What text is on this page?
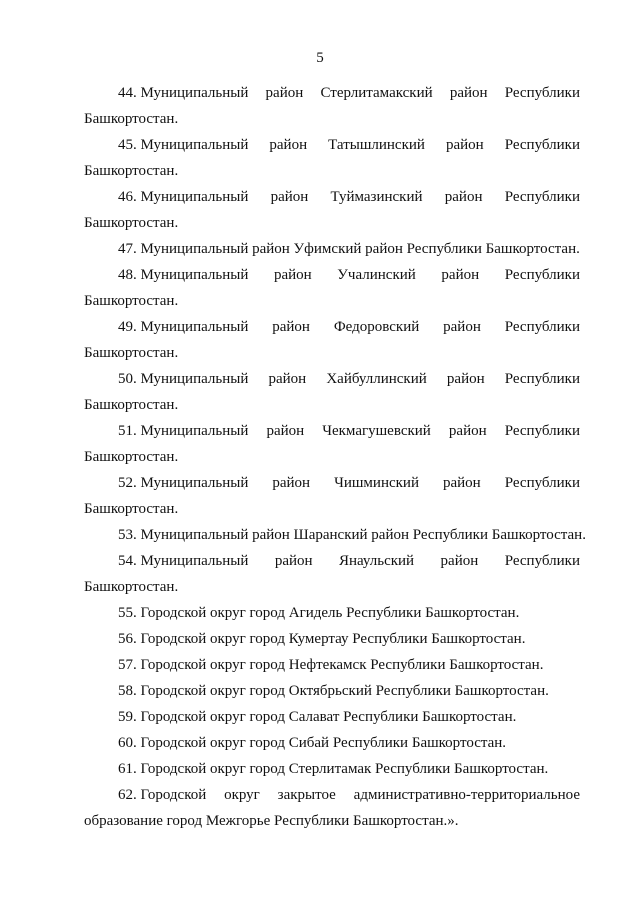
5
44. Муниципальный район Стерлитамакский район Республики
Башкортостан.
45. Муниципальный район Татышлинский район Республики
Башкортостан.
46. Муниципальный район Туймазинский район Республики
Башкортостан.
47. Муниципальный район Уфимский район Республики Башкортостан.
48. Муниципальный район Учалинский район Республики
Башкортостан.
49. Муниципальный район Федоровский район Республики
Башкортостан.
50. Муниципальный район Хайбуллинский район Республики
Башкортостан.
51. Муниципальный район Чекмагушевский район Республики
Башкортостан.
52. Муниципальный район Чишминский район Республики
Башкортостан.
53. Муниципальный район Шаранский район Республики Башкортостан.
54. Муниципальный район Янаульский район Республики
Башкортостан.
55. Городской округ город Агидель Республики Башкортостан.
56. Городской округ город Кумертау Республики Башкортостан.
57. Городской округ город Нефтекамск Республики Башкортостан.
58. Городской округ город Октябрьский Республики Башкортостан.
59. Городской округ город Салават Республики Башкортостан.
60. Городской округ город Сибай Республики Башкортостан.
61. Городской округ город Стерлитамак Республики Башкортостан.
62. Городской округ закрытое административно-территориальное
образование город Межгорье Республики Башкортостан.».
